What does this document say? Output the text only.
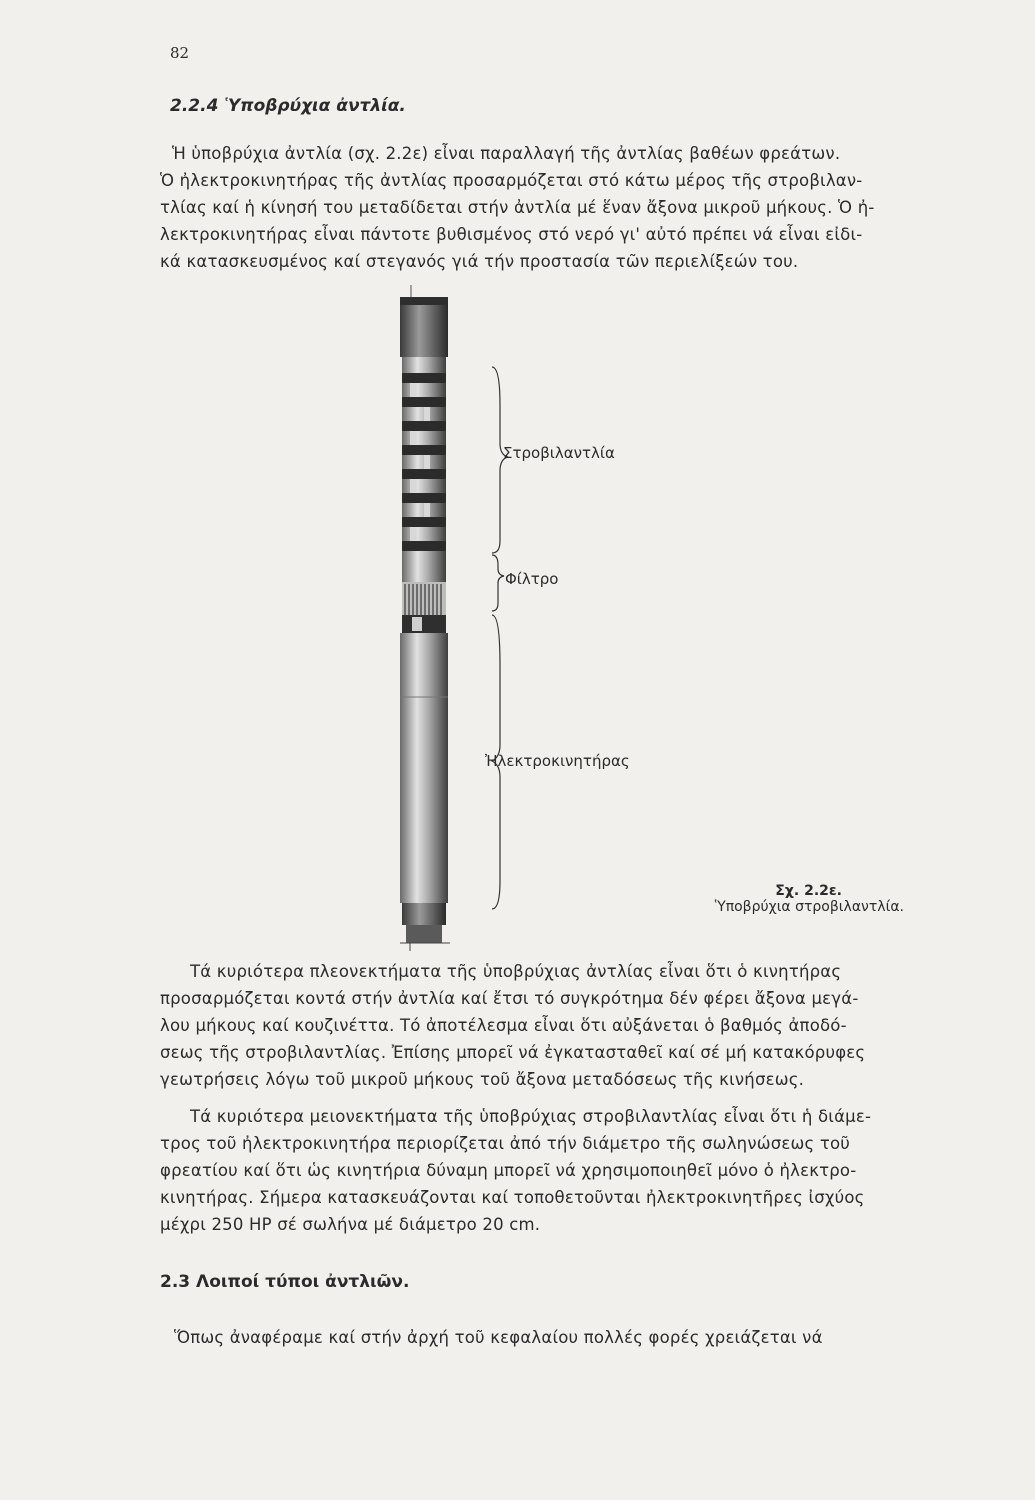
82
2.2.4 Ὑποβρύχια ἀντλία.
Ἡ ὑποβρύχια ἀντλία (σχ. 2.2ε) εἶναι παραλλαγή τῆς ἀντλίας βαθέων φρεάτων.
Ὁ ἠλεκτροκινητήρας τῆς ἀντλίας προσαρμόζεται στό κάτω μέρος τῆς στροβιλαν-
τλίας καί ἡ κίνησή του μεταδίδεται στήν ἀντλία μέ ἕναν ἄξονα μικροῦ μήκους. Ὁ ἠ-
λεκτροκινητήρας εἶναι πάντοτε βυθισμένος στό νερό γι' αὐτό πρέπει νά εἶναι εἰδι-
κά κατασκευσμένος καί στεγανός γιά τήν προστασία τῶν περιελίξεών του.
Στροβιλαντλία
Φίλτρο
Ἠλεκτροκινητήρας
Σχ. 2.2ε.
Ὑποβρύχια στροβιλαντλία.
Τά κυριότερα πλεονεκτήματα τῆς ὑποβρύχιας ἀντλίας εἶναι ὅτι ὁ κινητήρας
προσαρμόζεται κοντά στήν ἀντλία καί ἔτσι τό συγκρότημα δέν φέρει ἄξονα μεγά-
λου μήκους καί κουζινέττα. Τό ἀποτέλεσμα εἶναι ὅτι αὐξάνεται ὁ βαθμός ἀποδό-
σεως τῆς στροβιλαντλίας. Ἐπίσης μπορεῖ νά ἐγκατασταθεῖ καί σέ μή κατακόρυφες
γεωτρήσεις λόγω τοῦ μικροῦ μήκους τοῦ ἄξονα μεταδόσεως τῆς κινήσεως.
Τά κυριότερα μειονεκτήματα τῆς ὑποβρύχιας στροβιλαντλίας εἶναι ὅτι ἡ διάμε-
τρος τοῦ ἠλεκτροκινητήρα περιορίζεται ἀπό τήν διάμετρο τῆς σωληνώσεως τοῦ
φρεατίου καί ὅτι ὡς κινητήρια δύναμη μπορεῖ νά χρησιμοποιηθεῖ μόνο ὁ ἠλεκτρο-
κινητήρας. Σήμερα κατασκευάζονται καί τοποθετοῦνται ἠλεκτροκινητῆρες ἰσχύος
μέχρι 250 HP σέ σωλήνα μέ διάμετρο 20 cm.
2.3 Λοιποί τύποι ἀντλιῶν.
Ὅπως ἀναφέραμε καί στήν ἀρχή τοῦ κεφαλαίου πολλές φορές χρειάζεται νά
